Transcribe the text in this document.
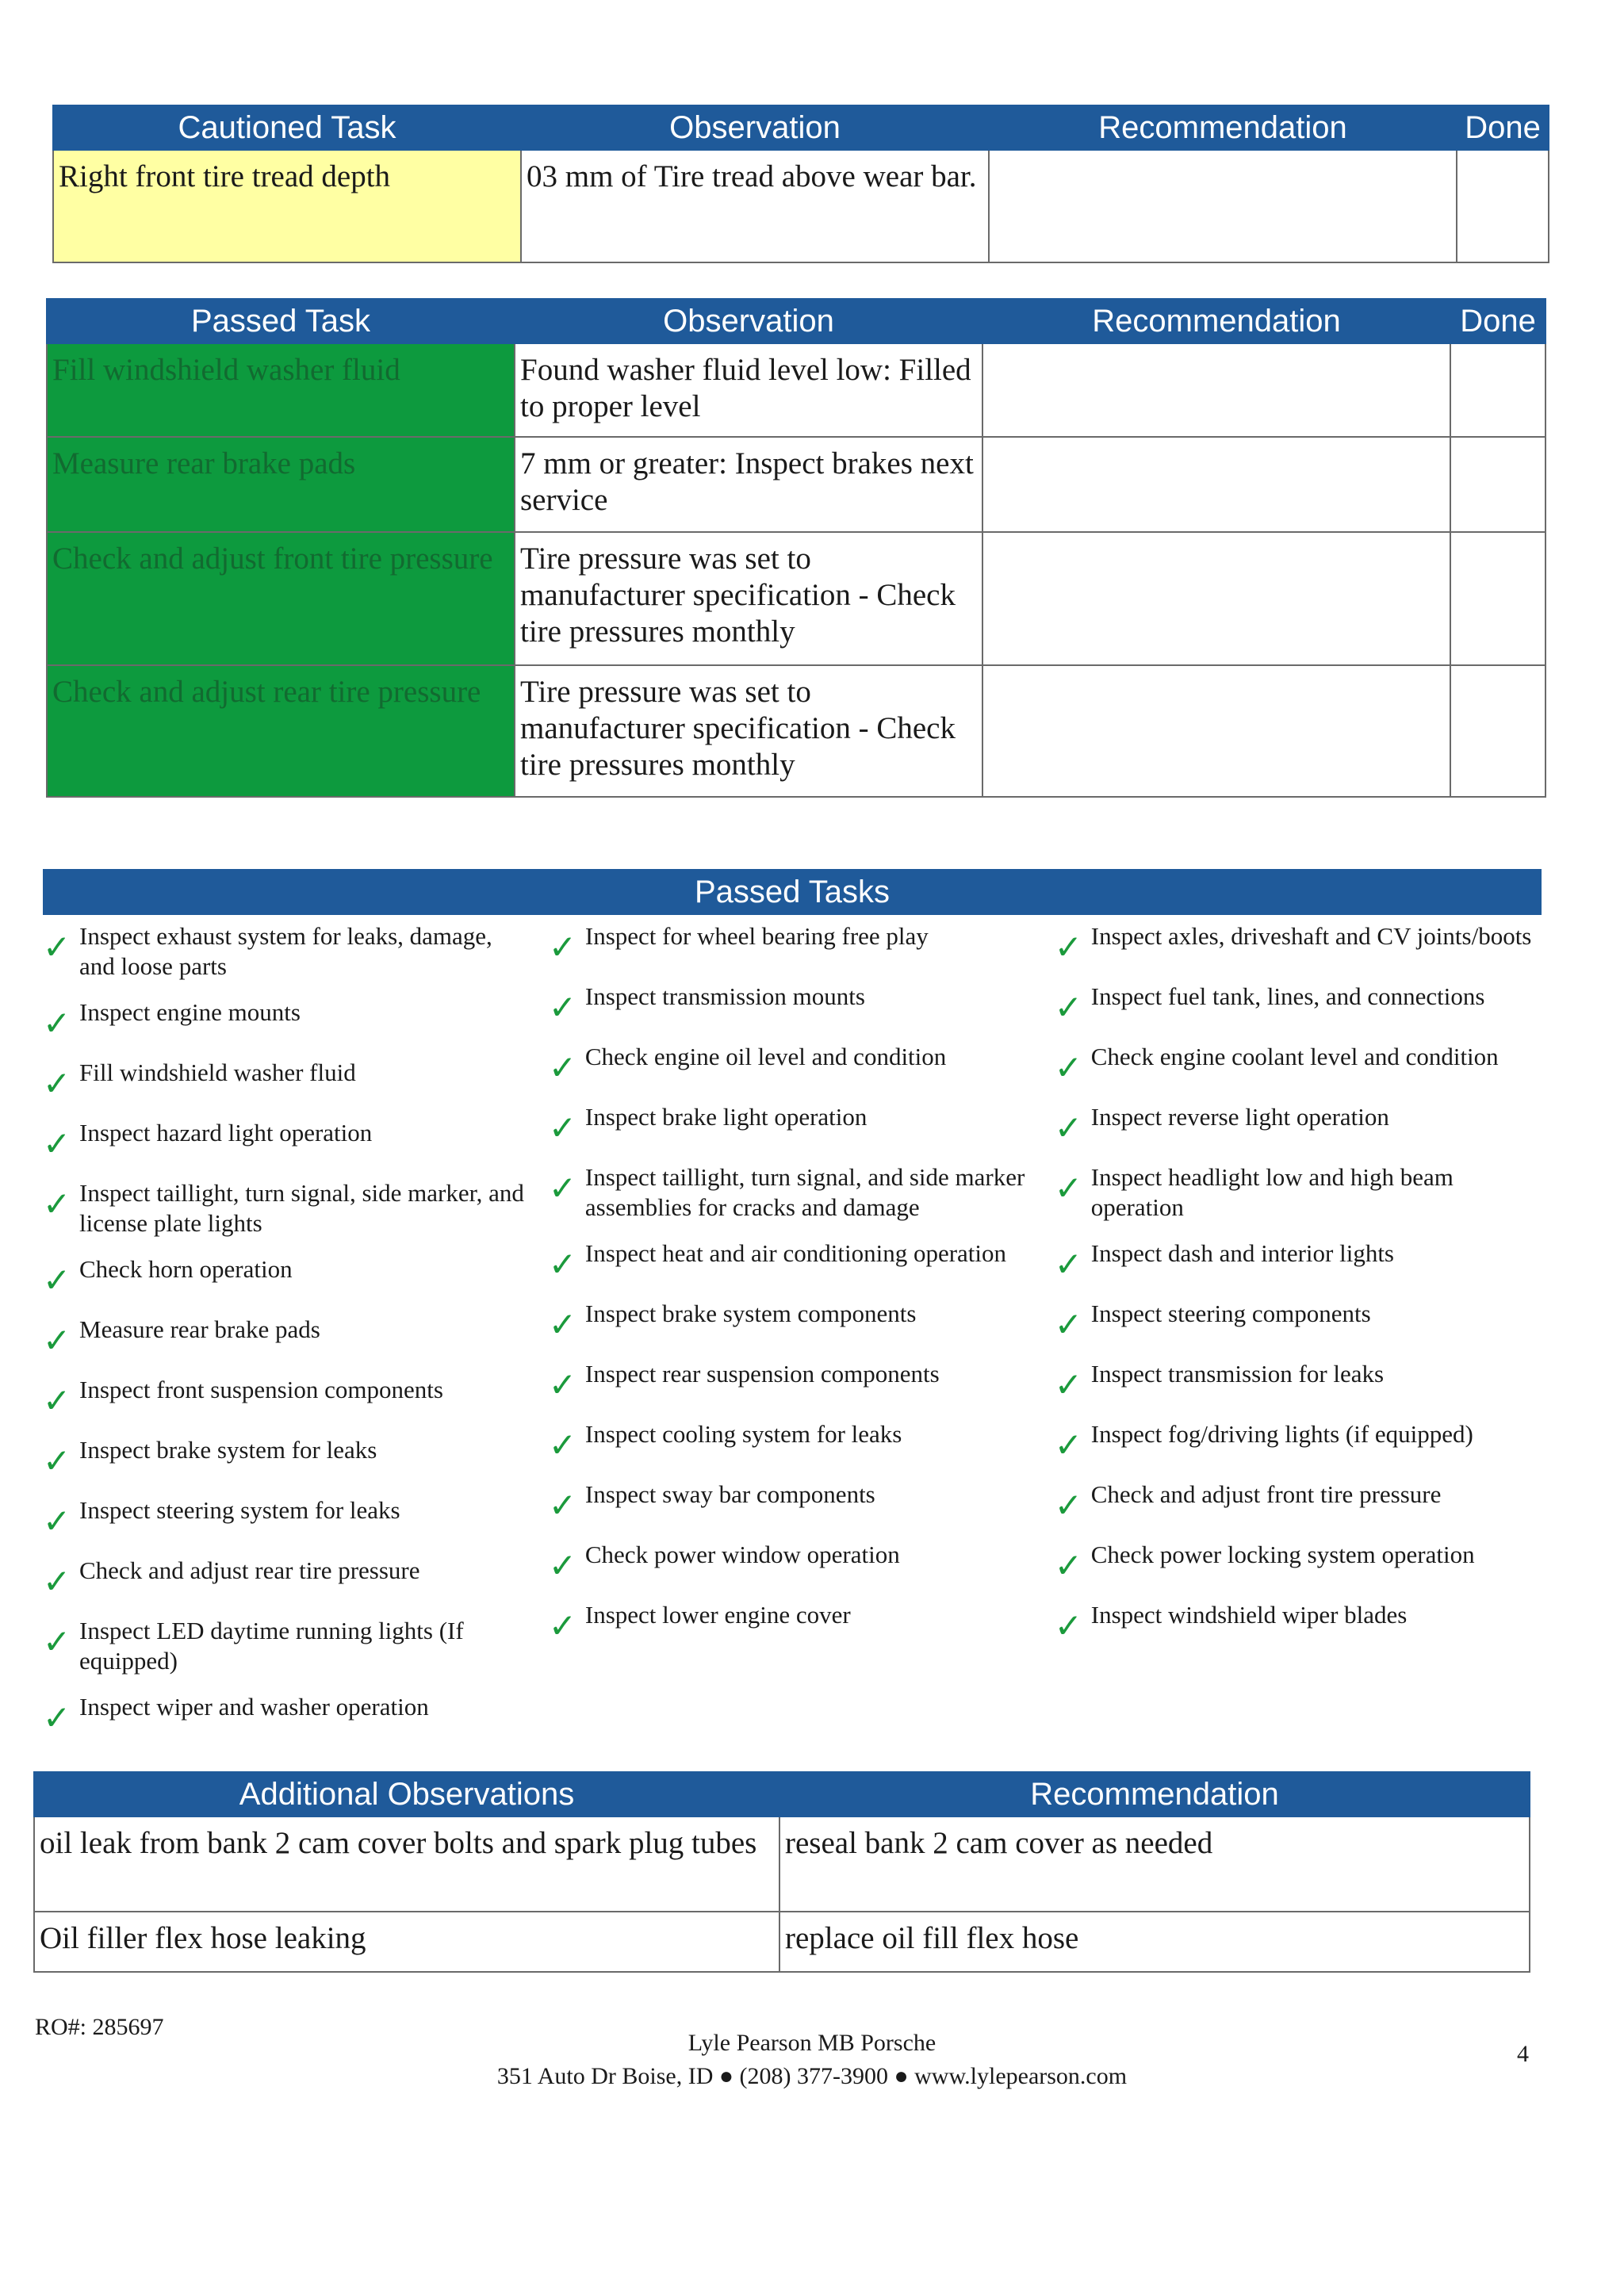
Cautioned Task	Observation	Recommendation	Done
Right front tire tread depth	03 mm of Tire tread above wear bar.		
Passed Task	Observation	Recommendation	Done
Fill windshield washer fluid	Found washer fluid level low: Filled to proper level		
Measure rear brake pads	7 mm or greater: Inspect brakes next service		
Check and adjust front tire pressure	Tire pressure was set to manufacturer specification - Check tire pressures monthly		
Check and adjust rear tire pressure	Tire pressure was set to manufacturer specification - Check tire pressures monthly		
Passed Tasks
✓ Inspect exhaust system for leaks, damage, and loose parts
✓ Inspect engine mounts
✓ Fill windshield washer fluid
✓ Inspect hazard light operation
✓ Inspect taillight, turn signal, side marker, and license plate lights
✓ Check horn operation
✓ Measure rear brake pads
✓ Inspect front suspension components
✓ Inspect brake system for leaks
✓ Inspect steering system for leaks
✓ Check and adjust rear tire pressure
✓ Inspect LED daytime running lights (If equipped)
✓ Inspect wiper and washer operation
✓ Inspect for wheel bearing free play
✓ Inspect transmission mounts
✓ Check engine oil level and condition
✓ Inspect brake light operation
✓ Inspect taillight, turn signal, and side marker assemblies for cracks and damage
✓ Inspect heat and air conditioning operation
✓ Inspect brake system components
✓ Inspect rear suspension components
✓ Inspect cooling system for leaks
✓ Inspect sway bar components
✓ Check power window operation
✓ Inspect lower engine cover
✓ Inspect axles, driveshaft and CV joints/boots
✓ Inspect fuel tank, lines, and connections
✓ Check engine coolant level and condition
✓ Inspect reverse light operation
✓ Inspect headlight low and high beam operation
✓ Inspect dash and interior lights
✓ Inspect steering components
✓ Inspect transmission for leaks
✓ Inspect fog/driving lights (if equipped)
✓ Check and adjust front tire pressure
✓ Check power locking system operation
✓ Inspect windshield wiper blades
Additional Observations	Recommendation
oil leak from bank 2 cam cover bolts and spark plug tubes	reseal bank 2 cam cover as needed
Oil filler flex hose leaking	replace oil fill flex hose
RO#: 285697
Lyle Pearson MB Porsche
351 Auto Dr Boise, ID ● (208) 377-3900 ● www.lylepearson.com
4
